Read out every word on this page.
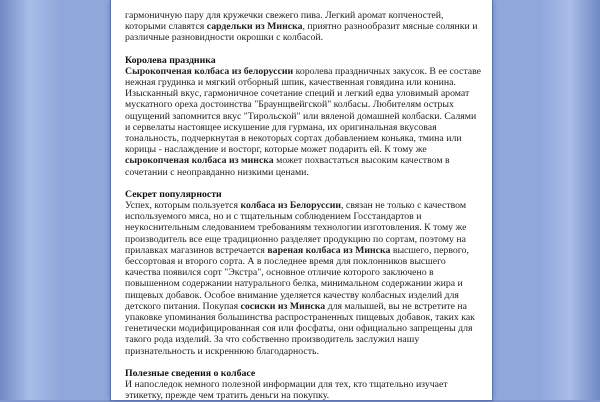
гармоничную пару для кружечки свежего пива. Легкий аромат копченостей, которыми славятся сардельки из Минска, приятно разнообразит мясные солянки и различные разновидности окрошки с колбасой.

Королева праздника

Сырокопченая колбаса из белоруссии королева праздничных закусок. В ее составе нежная грудинка и мягкий отборный шпик, качественная говядина или конина. Изысканный вкус, гармоничное сочетание специй и легкий едва уловимый аромат мускатного ореха достоинства "Браунщвейгской" колбасы. Любителям острых ощущений запомнится вкус "Тирольской" или вяленой домашней колбаски. Салями и сервелаты настоящее искушение для гурмана, их оригинальная вкусовая тональность, подчеркнутая в некоторых сортах добавлением коньяка, тмина или корицы - наслаждение и восторг, которые может подарить ей. К тому же сырокопченая колбаса из минска может похвастаться высоким качеством в сочетании с неоправданно низкими ценами.

Секрет популярности

Успех, которым пользуется колбаса из Белоруссии, связан не только с качеством используемого мяса, но и с тщательным соблюдением Госстандартов и неукоснительным следованием требованиям технологии изготовления. К тому же производитель все еще традиционно разделяет продукцию по сортам, поэтому на прилавках магазинов встречается вареная колбаса из Минска высшего, первого, бессортовая и второго сорта. А в последнее время для поклонников высшего качества появился сорт "Экстра", основное отличие которого заключено в повышенном содержании натурального белка, минимальном содержании жира и пищевых добавок. Особое внимание уделяется качеству колбасных изделий для детского питания. Покупая сосиски из Минска для малышей, вы не встретите на упаковке упоминания большинства распространенных пищевых добавок, таких как генетически модифицированная соя или фосфаты, они официально запрещены для такого рода изделий. За что собственно производитель заслужил нашу признательность и искреннюю благодарность.

Полезные сведения о колбасе

И напоследок немного полезной информации для тех, кто тщательно изучает этикетку, прежде чем тратить деньги на покупку.
